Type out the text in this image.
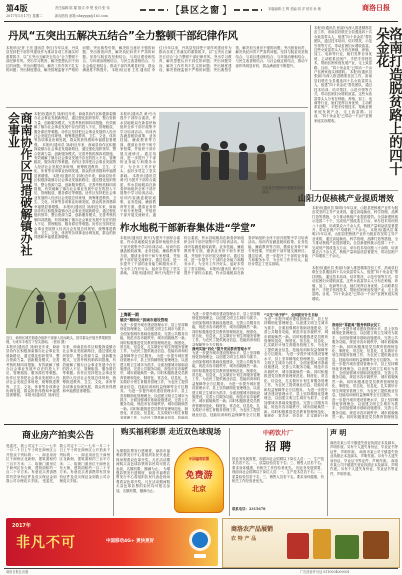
第4版
2017年1月17日 星期二
责任编辑:陈 耀 版式:李 想 校对:张 伟
新闻热线 邮箱:shxyyqx@163.com	【 县区之窗 】	本版编辑:王 辉 美编:刘 洋 校对:孙 敏	商洛日报
丹凤“五突出五解决五结合”全力整顿干部纪律作风
本报讯(记者 王亮 通讯员 李红)今年以来，丹凤县坚持把干部作风建设作为推动各项工作落实的重要抓手，以“五突出五解决五结合”全力整顿干部纪律作风。突出学习教育，解决思想认识不到位的问题；突出问题导向，解决工作作风不扎实的问题；突出制度建设，解决管理监督不严格的问题；突出典型引领，解决担当意识不强的问题；突出督查问责，解决执纪问责不严肃的问题。坚持与脱贫攻坚相结合、与项目建设相结合、与环境治理相结合、与民生改善相结合、与社会稳定相结合，推动干部作风明显好转，群众满意度不断提升。 本报讯(记者 王亮 通讯员 李红)今年以来，丹凤县坚持把干部作风建设作为推动各项工作落实的重要抓手，以“五突出五解决五结合”全力整顿干部纪律作风。突出学习教育，解决思想认识不到位的问题；突出问题导向，解决工作作风不扎实的问题；突出制度建设，解决管理监督不严格的问题；突出典型引领，解决担当意识不强的问题；突出督查问责，解决执纪问责不严肃的问题。坚持与脱贫攻坚相结合、与项目建设相结合、与环境治理相结合、与民生改善相结合、与社会稳定相结合，推动干部作风明显好转，群众满意度不断提升。
本报讯(通讯员 张丽)为深入推进精准扶贫工作，洛南县妇联在全县遴选四十名女致富带头人，组建“四十朵金花”帮扶团队，通过技术培训、结对帮扶、示范引领等方式，带动贫困妇女增收致富。这些女致富带头人分布在种植、养殖、加工、电商等行业，她们发挥自身优势，主动联系贫困户，手把手传授技术，帮助贫困家庭发展产业，走上致富路。目前，“四十朵金花”已带动一千余户贫困家庭实现增收。 本报讯(通讯员 张丽)为深入推进精准扶贫工作，洛南县妇联在全县遴选四十名女致富带头人，组建“四十朵金花”帮扶团队，通过技术培训、结对帮扶、示范引领等方式，带动贫困妇女增收致富。这些女致富带头人分布在种植、养殖、加工、电商等行业，她们发挥自身优势，主动联系贫困户，手把手传授技术，帮助贫困家庭发展产业，走上致富路。目前，“四十朵金花”已带动一千余户贫困家庭实现增收。	洛南打造脱贫路上的四十朵金花
商南协作区四措破解镇办社会事业	本报讯(通讯员 刘涛)近年来，商南县协作区积极探索镇办社会事业发展新路径，通过强化组织领导、整合资源力量、创新服务模式、完善考核机制四项措施，有效破解了镇办社会事业发展中存在的投入不足、管理粗放、服务滞后等难题。协作区坚持把社会事业发展纳入经济社会发展总体规划，统筹推进教育、卫生、文化、体育等各项事业协调发展，群众的获得感和幸福感显著增强。 本报讯(通讯员 刘涛)近年来，商南县协作区积极探索镇办社会事业发展新路径，通过强化组织领导、整合资源力量、创新服务模式、完善考核机制四项措施，有效破解了镇办社会事业发展中存在的投入不足、管理粗放、服务滞后等难题。协作区坚持把社会事业发展纳入经济社会发展总体规划，统筹推进教育、卫生、文化、体育等各项事业协调发展，群众的获得感和幸福感显著增强。 本报讯(通讯员 刘涛)近年来，商南县协作区积极探索镇办社会事业发展新路径，通过强化组织领导、整合资源力量、创新服务模式、完善考核机制四项措施，有效破解了镇办社会事业发展中存在的投入不足、管理粗放、服务滞后等难题。协作区坚持把社会事业发展纳入经济社会发展总体规划，统筹推进教育、卫生、文化、体育等各项事业协调发展，群众的获得感和幸福感显著增强。 本报讯(通讯员 刘涛)近年来，商南县协作区积极探索镇办社会事业发展新路径，通过强化组织领导、整合资源力量、创新服务模式、完善考核机制四项措施，有效破解了镇办社会事业发展中存在的投入不足、管理粗放、服务滞后等难题。协作区坚持把社会事业发展纳入经济社会发展总体规划，统筹推进教育、卫生、文化、体育等各项事业协调发展，群众的获得感和幸福感显著增强。
本报讯(通讯员 黄兴)为提升干部综合素质，柞水县地税局在新春伊始组织全体干部开展集中学习培训活动。培训内容涵盖税收政策、业务技能、廉政教育等方面，邀请业务骨干和专家授课，并组织干部开展交流研讨。通过培训，进一步提升了干部的业务能力和服务水平，为全年工作开好头、起好步奠定了坚实基础。 本报讯(通讯员 黄兴)为提升干部综合素质，柞水县地税局在新春伊始组织全体干部开展集中学习培训活动。培训内容涵盖税收政策、业务技能、廉政教育等方面，邀请业务骨干和专家授课，并组织干部开展交流研讨。通
山阳县法官驻村开展普法宣传活动。
山阳力促核桃产业提质增效
本报讯(通讯员 陈明)今年以来，山阳县把核桃产业作为脱贫攻坚的主导产业来抓，通过高接换优、科学管理、品牌打造等措施，全力推动核桃产业提质增效。全县新建核桃示范园二十个，完成低产园改造五万亩，举办技术培训班八十余期，培训果农六千余人次，核桃产量和品质显著提升，带动贫困户户均增收三千余元。 本报讯(通讯员 陈明)今年以来，山阳县把核桃产业作为脱贫攻坚的主导产业来抓，通过高接换优、科学管理、品牌打造等措施，全力推动核桃产业提质增效。全县新建核桃示范园二十个，完成低产园改造五万亩，举办技术培训班八十余期，培训果农六千余人次，核桃产量和品质显著提升，带动贫困户户均增收三千余元。
柞水地税干部新春集体进“学堂”
本报讯(通讯员 黄兴)为提升干部综合素质，柞水县地税局在新春伊始组织全体干部开展集中学习培训活动。培训内容涵盖税收政策、业务技能、廉政教育等方面，邀请业务骨干和专家授课，并组织干部开展交流研讨。通过培训，进一步提升了干部的业务能力和服务水平，为全年工作开好头、起好步奠定了坚实基础。 本报讯(通讯员 黄兴)为提升干部综合素质，柞水县地税局在新春伊始组织全体干部开展集中学习培训活动。培训内容涵盖税收政策、业务技能、廉政教育等方面，邀请业务骨干和专家授课，并组织干部开展交流研讨。通过培训，进一步提升了干部的业务能力和服务水平，为全年工作开好头、起好步奠定了坚实基础。 本报讯(通讯员 黄兴)为提升干部综合素质，柞水县地税局在新春伊始组织全体干部开展集中学习培训活动。培训内容涵盖税收政策、业务技能、廉政教育等方面，邀请业务骨干和专家授课，并组织干部开展交流研讨。通过培训，进一步提升了干部的业务能力和服务水平，为全年工作开好头、起好步奠定了坚实基础。
本报讯(通讯员 张丽)为深入推进精准扶贫工作，洛南县妇联在全县遴选四十名女致富带头人，组建“四十朵金花”帮扶团队，通过技术培训、结对帮扶、示范引领等方式，带动贫困妇女增收致富。这些女致富带头人分布在种植、养殖、加工、电商等行业，她们发挥自身优势，主动联系贫困户，手把手传授技术，帮助贫困家庭发展产业，走上致富路。目前，“四十朵金花”已带动一千余户贫困家庭实现增收。
近日，商州区城关街道办组织干部深入田间地头，指导群众开展冬季果树管理，为来年丰收打下坚实基础。（张伟 摄）
上海新一期
镇安“精细化”抓城市建设管理
为进一步提升城市建设管理水平，县上坚持精细化管理理念，以创建文明卫生城市为抓手，全面加强城市基础设施建设，完善公共服务功能，规范市容市貌秩序，城市面貌焕然一新。同时积极推进党员教育管理规范化、制度化、常态化、信息化，扎实做好计划生育服务管理工作，为农民工提供就业信息、技能培训和权益保障等全方位服务。 为进一步提升城市建设管理水平，县上坚持精细化管理理念，以创建文明卫生城市为抓手，全面加强城市基础设施建设，完善公共服务功能，规范市容市貌秩序，城市面貌焕然一新。同时积极推进党员教育管理规范化、制度化、常态化、信息化，扎实做好计划生育服务管理工作，为农民工提供就业信息、技能培训和权益保障等全方位服务。 为进一步提升城市建设管理水平，县上坚持精细化管理理念，以创建文明卫生城市为抓手，全面加强城市基础设施建设，完善公共服务功能，规范市容市貌秩序，城市面貌焕然一新。同时积极推进党员教育管理规范化、制度化、常态化、信息化，扎实做好计划生育服务管理工作，为农民工提供就业信息、技能培
为进一步提升城市建设管理水平，县上坚持精细化管理理念，以创建文明卫生城市为抓手，全面加强城市基础设施建设，完善公共服务功能，规范市容市貌秩序，城市面貌焕然一新。同时积极推进党员教育管理规范化、制度化、常态化、信息化，扎实做好计划生育服务管理工作，为农民工提供就业信息、技能培训和权益保障等全方位服务。
商州实施“四化”提升党员教育管理水平
为进一步提升城市建设管理水平，县上坚持精细化管理理念，以创建文明卫生城市为抓手，全面加强城市基础设施建设，完善公共服务功能，规范市容市貌秩序，城市面貌焕然一新。同时积极推进党员教育管理规范化、制度化、常态化、信息化，扎实做好计划生育服务管理工作，为农民工提供就业信息、技能培训和权益保障等全方位服务。 为进一步提升城市建设管理水平，县上坚持精细化管理理念，以创建文明卫生城市为抓手，全面加强城市基础设施建设，完善公共服务功能，规范市容市貌秩序，城市面貌焕然一新。同时积极推进党员教育管理规范化、制度化、常态化、信息化，扎实做好计划生育服务管理工作，为农民工提供就业信息、技能培训和权益保障等全方位服
“只生”给予护“、全面抓好计生目标
为进一步提升城市建设管理水平，县上坚持精细化管理理念，以创建文明卫生城市为抓手，全面加强城市基础设施建设，完善公共服务功能，规范市容市貌秩序，城市面貌焕然一新。同时积极推进党员教育管理规范化、制度化、常态化、信息化，扎实做好计划生育服务管理工作，为农民工提供就业信息、技能培训和权益保障等全方位服务。 为进一步提升城市建设管理水平，县上坚持精细化管理理念，以创建文明卫生城市为抓手，全面加强城市基础设施建设，完善公共服务功能，规范市容市貌秩序，城市面貌焕然一新。同时积极推进党员教育管理规范化、制度化、常态化、信息化，扎实做好计划生育服务管理工作，为农民工提供就业信息、技能培训和权益保障等全方位服务。 为进一步提升城市建设管理水平，县上坚持精细化管理理念，以创建文明卫生城市为抓手，全面加强城市基础设施建设，完善公共服务功能，规范市容市貌秩序，城市面貌焕然一新。同时积极推进党员教育管理规范化、制度化、常态化、信息化，扎实做好计划
洛南县“零距离”服务转移农民工
为进一步提升城市建设管理水平，县上坚持精细化管理理念，以创建文明卫生城市为抓手，全面加强城市基础设施建设，完善公共服务功能，规范市容市貌秩序，城市面貌焕然一新。同时积极推进党员教育管理规范化、制度化、常态化、信息化，扎实做好计划生育服务管理工作，为农民工提供就业信息、技能培训和权益保障等全方位服务。 为进一步提升城市建设管理水平，县上坚持精细化管理理念，以创建文明卫生城市为抓手，全面加强城市基础设施建设，完善公共服务功能，规范市容市貌秩序，城市面貌焕然一新。同时积极推进党员教育管理规范化、制度化、常态化、信息化，扎实做好计划生育服务管理工作，为农民工提供就业信息、技能培训和权益保障等全方位服务。 为进一步提升城市建设管理水平，县上坚持精细化管理理念，以创建文明卫生城市为抓手，全面加强城市基础设施建设，完善公共服务功能，规范市容市貌秩序，城市面貌焕然一新。同时积极推进党员教育管理规范
本报讯(通讯员 刘涛)近年来，商南县协作区积极探索镇办社会事业发展新路径，通过强化组织领导、整合资源力量、创新服务模式、完善考核机制四项措施，有效破解了镇办社会事业发展中存在的投入不足、管理粗放、服务滞后等难题。协作区坚持把社会事业发展纳入经济社会发展总体规划，统筹推进教育、卫生、文化、体育等各项事业协调发展，群众的获得感和幸福感显著增强。 本报讯(通讯员 刘涛)近年来，商南县协作区积极探索镇办社会事业发展新路径，通过强化组织领导、整合资源力量、创新服务模式、完善考核机制四项措施，有效破解了镇办社会事业发展中存在的投入不足、管理粗放、服务滞后等难题。协作区坚持把社会事业发展纳入经济社会发展总体规划，统筹推进教育、卫生、文化、体育等各项事业协调发展，群众的获得感和幸福感显著增强。
商业房产拍卖公告
受委托，我公司定于二〇一七年一月二十日上午十时在商州区公开拍卖下列标的：一、商业用房位于商州区北新街，建筑面积约三百平方米；二、临街门面房位于商州区东大街，建筑面积约一百二十平方米。有意竞买者请携带有效身份证件及竞买保证金到我公司办理竞买手续。 受委托，我公司定于二〇一七年一月二十日上午十时在商州区公开拍卖下列标的：一、商业用房位于商州区北新街，建筑面积约三百平方米；二、临街门面房位于商州区东大街，建筑面积约一百二十平方米。有意竞买者请携带有效身份证件及竞买保证金到我公司办理竞买手续。
购买福利彩票 走近双色球现场
为增强彩票发行透明度，商洛市福利彩票发行中心将组织彩民代表赴现场观看双色球开奖。凡在活动期间购买双色球彩票的彩民均可报名参加，名额有限，额满为止。 为增强彩票发行透明度，商洛市福利彩票发行中心将组织彩民代表赴现场观看双色球开奖。凡在活动期间购买双色球彩票的彩民均可报名参加，名额有限，额满为止。
中国福利彩票
免费游
北京
中药饮片厂
招 聘
因业务发展需要，现面向社会招聘以下岗位人员：一、生产技术员若干名；二、质量检验员若干名；三、销售人员若干名。要求身体健康，有相关工作经验者优先。 因业务发展需要，现面向社会招聘以下岗位人员：一、生产技术员若干名；二、质量检验员若干名；三、销售人员若干名。要求身体健康，有相关工作经验者优先。
联系电话：2315678
声 明
商洛市某公司不慎遗失营业执照正本及副本，声明作废。另有个人遗失身份证、毕业证书等证件，声明作废。 商洛市某公司不慎遗失营业执照正本及副本，声明作废。另有个人遗失身份证、毕业证书等证件，声明作废。 商洛市某公司不慎遗失营业执照正本及副本，声明作废。另有个人遗失身份证、毕业证书等证件，声明作废。
2017年
非凡不可	中国移动4G+ 更快更好
商洛农产品展销
农 特 产 品
商洛日报社出版	广告经营许可证 6110004000001
